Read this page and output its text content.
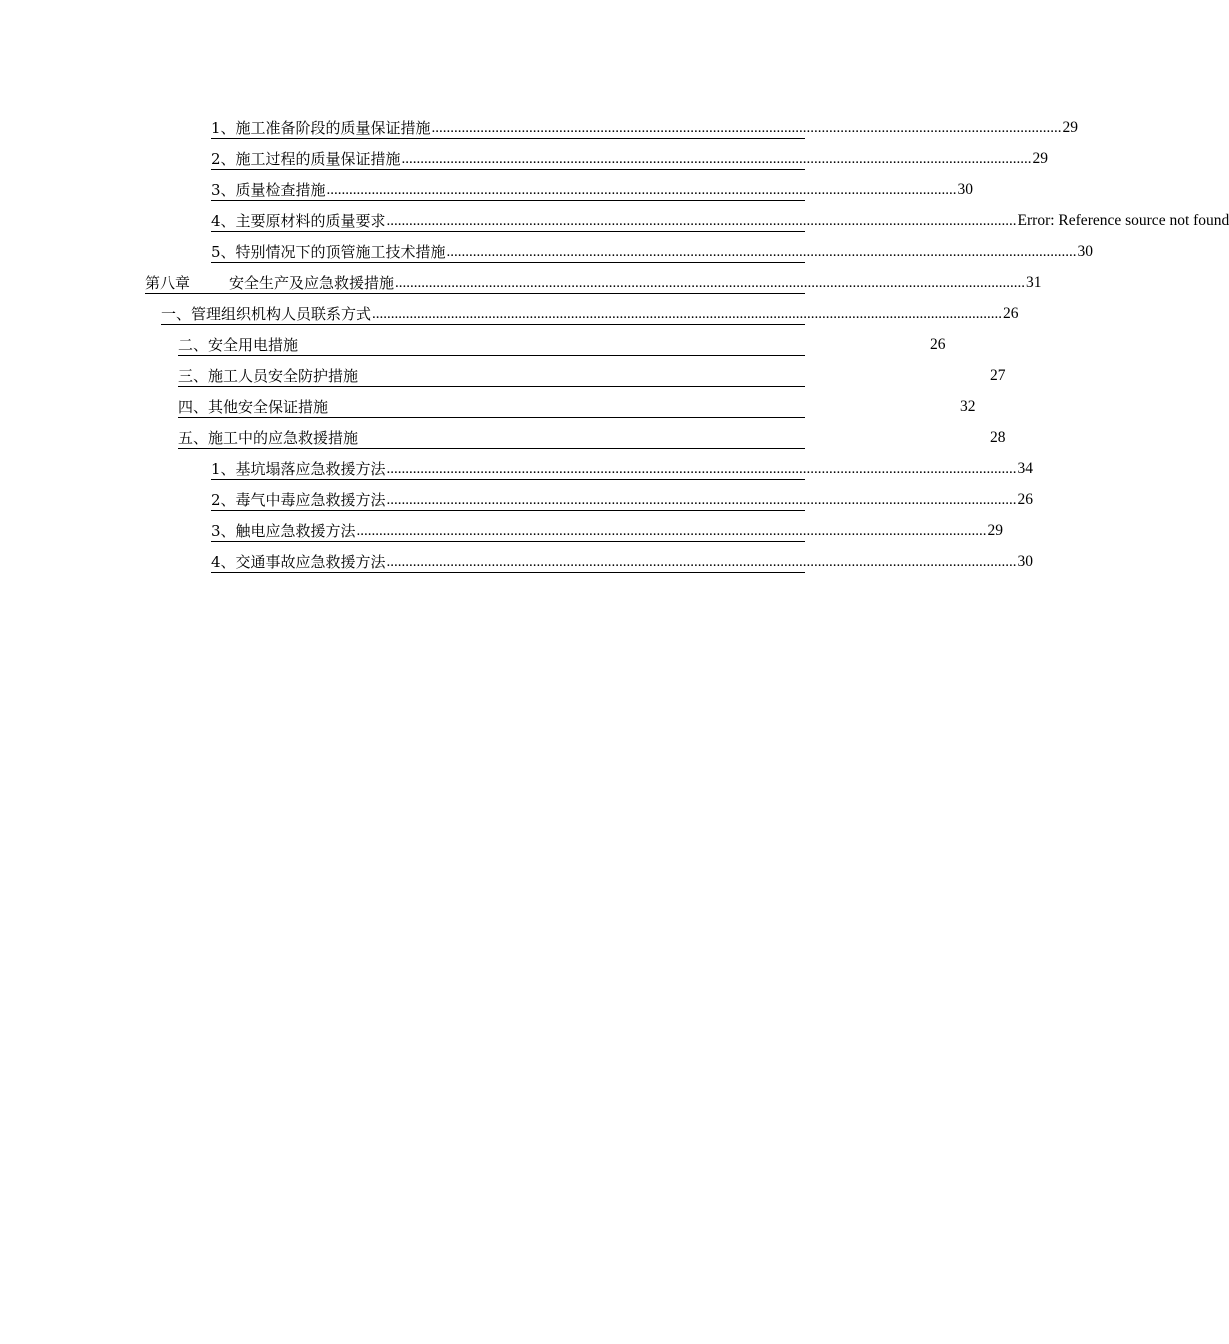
1、施工准备阶段的质量保证措施 ........................................................................................................................................................................ 29
2、施工过程的质量保证措施 ........................................................................................................................................................................ 29
3、质量检查措施 ........................................................................................................................................................................ 30
4、主要原材料的质量要求 ........................................................................................................................................................................ Error: Reference source not found
5、特别情况下的顶管施工技术措施 ........................................................................................................................................................................ 30
第八章	安全生产及应急救援措施 ........................................................................................................................................................................ 31
一、管理组织机构人员联系方式 ........................................................................................................................................................................ 26
二、安全用电措施	26
三、施工人员安全防护措施	27
四、其他安全保证措施	32
五、施工中的应急救援措施	28
1、基坑塌落应急救援方法 ........................................................................................................................................................................ 34
2、毒气中毒应急救援方法 ........................................................................................................................................................................ 26
3、触电应急救援方法 ........................................................................................................................................................................ 29
4、交通事故应急救援方法 ........................................................................................................................................................................ 30
